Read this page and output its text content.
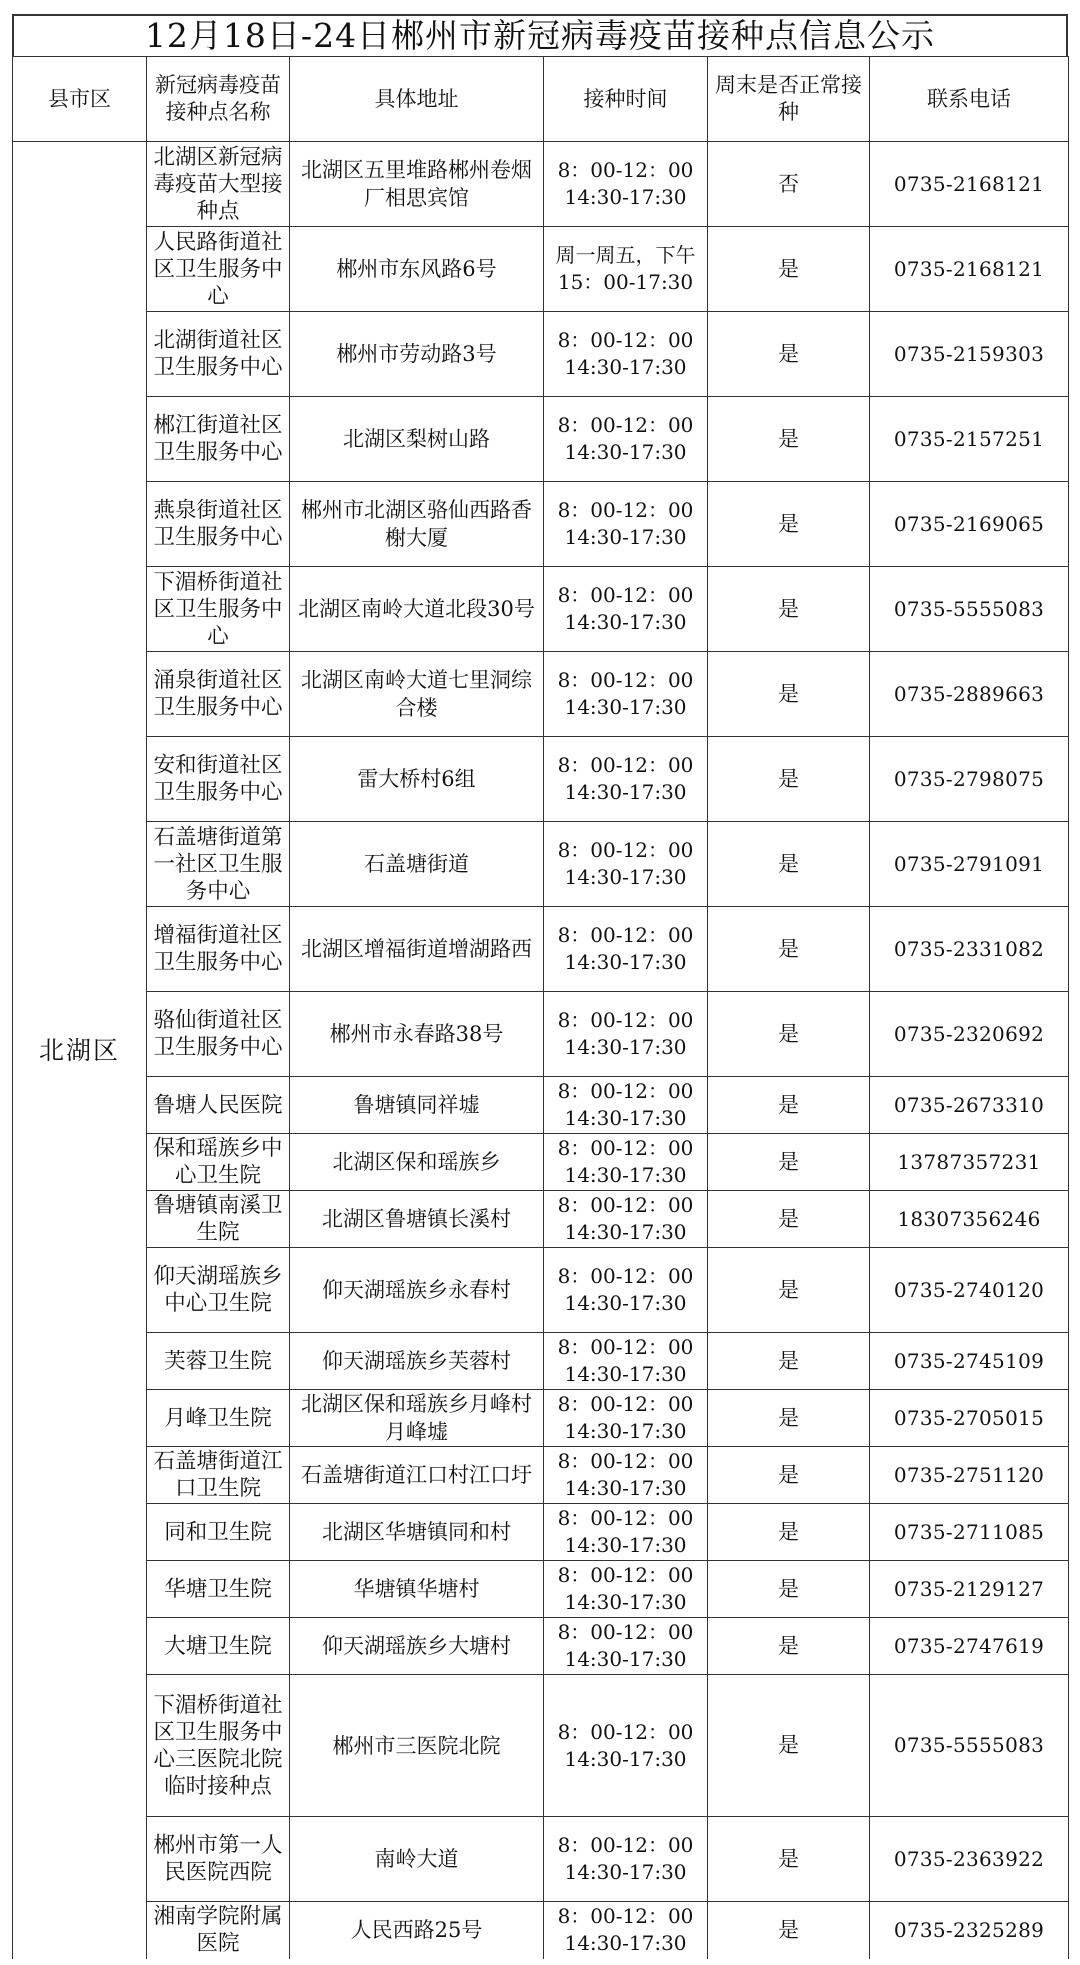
12月18日-24日郴州市新冠病毒疫苗接种点信息公示
县市区	新冠病毒疫苗接种点名称	具体地址	接种时间	周末是否正常接种	联系电话
北湖区	北湖区新冠病毒疫苗大型接种点	北湖区五里堆路郴州卷烟厂相思宾馆	8：00-12：00
14:30-17:30	否	0735-2168121
	人民路街道社区卫生服务中心	郴州市东风路6号	周一周五，下午15：00-17:30	是	0735-2168121
	北湖街道社区卫生服务中心	郴州市劳动路3号	8：00-12：00
14:30-17:30	是	0735-2159303
	郴江街道社区卫生服务中心	北湖区梨树山路	8：00-12：00
14:30-17:30	是	0735-2157251
	燕泉街道社区卫生服务中心	郴州市北湖区骆仙西路香榭大厦	8：00-12：00
14:30-17:30	是	0735-2169065
	下湄桥街道社区卫生服务中心	北湖区南岭大道北段30号	8：00-12：00
14:30-17:30	是	0735-5555083
	涌泉街道社区卫生服务中心	北湖区南岭大道七里洞综合楼	8：00-12：00
14:30-17:30	是	0735-2889663
	安和街道社区卫生服务中心	雷大桥村6组	8：00-12：00
14:30-17:30	是	0735-2798075
	石盖塘街道第一社区卫生服务中心	石盖塘街道	8：00-12：00
14:30-17:30	是	0735-2791091
	增福街道社区卫生服务中心	北湖区增福街道增湖路西	8：00-12：00
14:30-17:30	是	0735-2331082
	骆仙街道社区卫生服务中心	郴州市永春路38号	8：00-12：00
14:30-17:30	是	0735-2320692
	鲁塘人民医院	鲁塘镇同祥墟	8：00-12：00
14:30-17:30	是	0735-2673310
	保和瑶族乡中心卫生院	北湖区保和瑶族乡	8：00-12：00
14:30-17:30	是	13787357231
	鲁塘镇南溪卫生院	北湖区鲁塘镇长溪村	8：00-12：00
14:30-17:30	是	18307356246
	仰天湖瑶族乡中心卫生院	仰天湖瑶族乡永春村	8：00-12：00
14:30-17:30	是	0735-2740120
	芙蓉卫生院	仰天湖瑶族乡芙蓉村	8：00-12：00
14:30-17:30	是	0735-2745109
	月峰卫生院	北湖区保和瑶族乡月峰村月峰墟	8：00-12：00
14:30-17:30	是	0735-2705015
	石盖塘街道江口卫生院	石盖塘街道江口村江口圩	8：00-12：00
14:30-17:30	是	0735-2751120
	同和卫生院	北湖区华塘镇同和村	8：00-12：00
14:30-17:30	是	0735-2711085
	华塘卫生院	华塘镇华塘村	8：00-12：00
14:30-17:30	是	0735-2129127
	大塘卫生院	仰天湖瑶族乡大塘村	8：00-12：00
14:30-17:30	是	0735-2747619
	下湄桥街道社区卫生服务中心三医院北院临时接种点	郴州市三医院北院	8：00-12：00
14:30-17:30	是	0735-5555083
	郴州市第一人民医院西院	南岭大道	8：00-12：00
14:30-17:30	是	0735-2363922
	湘南学院附属医院	人民西路25号	8：00-12：00
14:30-17:30	是	0735-2325289
